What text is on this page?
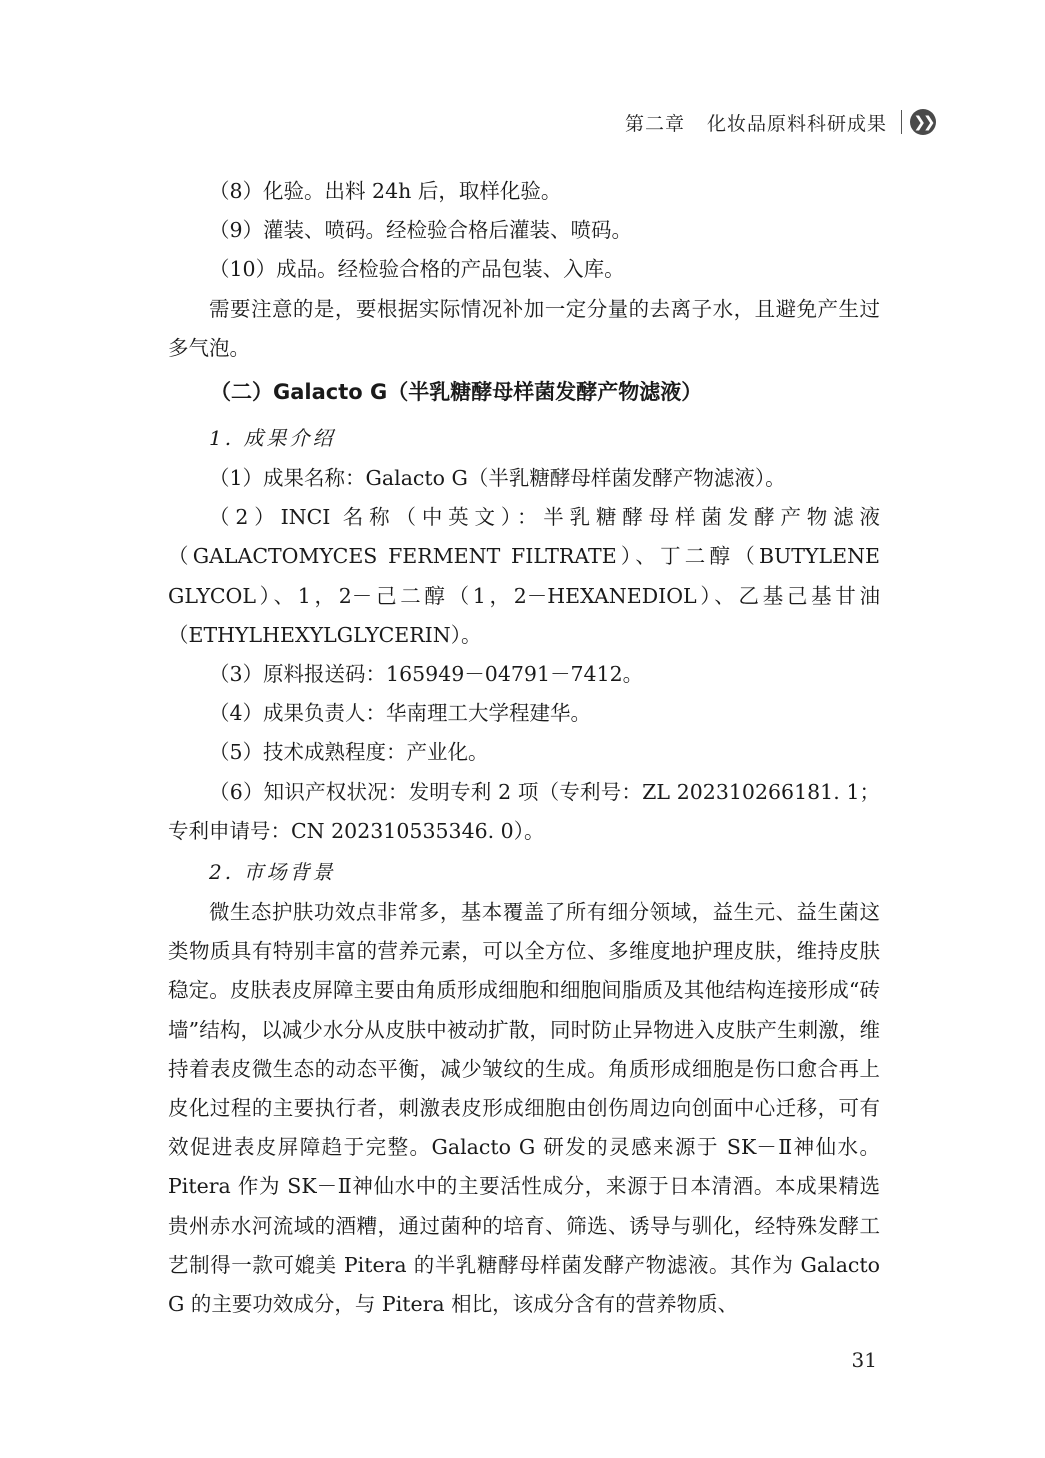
第二章 化妆品原料科研成果 ❯❯

（8）化验。出料 24h 后，取样化验。

（9）灌装、喷码。经检验合格后灌装、喷码。

（10）成品。经检验合格的产品包装、入库。

需要注意的是，要根据实际情况补加一定分量的去离子水，且避免产生过多气泡。

（二）Galacto G（半乳糖酵母样菌发酵产物滤液）

1. 成果介绍

（1）成果名称：Galacto G（半乳糖酵母样菌发酵产物滤液）。

（2）INCI 名称（中英文）：半乳糖酵母样菌发酵产物滤液（GALACTOMYCES FERMENT FILTRATE）、丁二醇（BUTYLENE GLYCOL）、1，2－己二醇（1，2－HEXANEDIOL）、乙基己基甘油（ETHYLHEXYLGLYCERIN）。

（3）原料报送码：165949－04791－7412。

（4）成果负责人：华南理工大学程建华。

（5）技术成熟程度：产业化。

（6）知识产权状况：发明专利 2 项（专利号：ZL 202310266181. 1；专利申请号：CN 202310535346. 0）。

2. 市场背景

微生态护肤功效点非常多，基本覆盖了所有细分领域，益生元、益生菌这类物质具有特别丰富的营养元素，可以全方位、多维度地护理皮肤，维持皮肤稳定。皮肤表皮屏障主要由角质形成细胞和细胞间脂质及其他结构连接形成“砖墙”结构，以减少水分从皮肤中被动扩散，同时防止异物进入皮肤产生刺激，维持着表皮微生态的动态平衡，减少皱纹的生成。角质形成细胞是伤口愈合再上皮化过程的主要执行者，刺激表皮形成细胞由创伤周边向创面中心迁移，可有效促进表皮屏障趋于完整。Galacto G 研发的灵感来源于 SK－Ⅱ神仙水。Pitera 作为 SK－Ⅱ神仙水中的主要活性成分，来源于日本清酒。本成果精选贵州赤水河流域的酒糟，通过菌种的培育、筛选、诱导与驯化，经特殊发酵工艺制得一款可媲美 Pitera 的半乳糖酵母样菌发酵产物滤液。其作为 Galacto G 的主要功效成分，与 Pitera 相比，该成分含有的营养物质、

31
